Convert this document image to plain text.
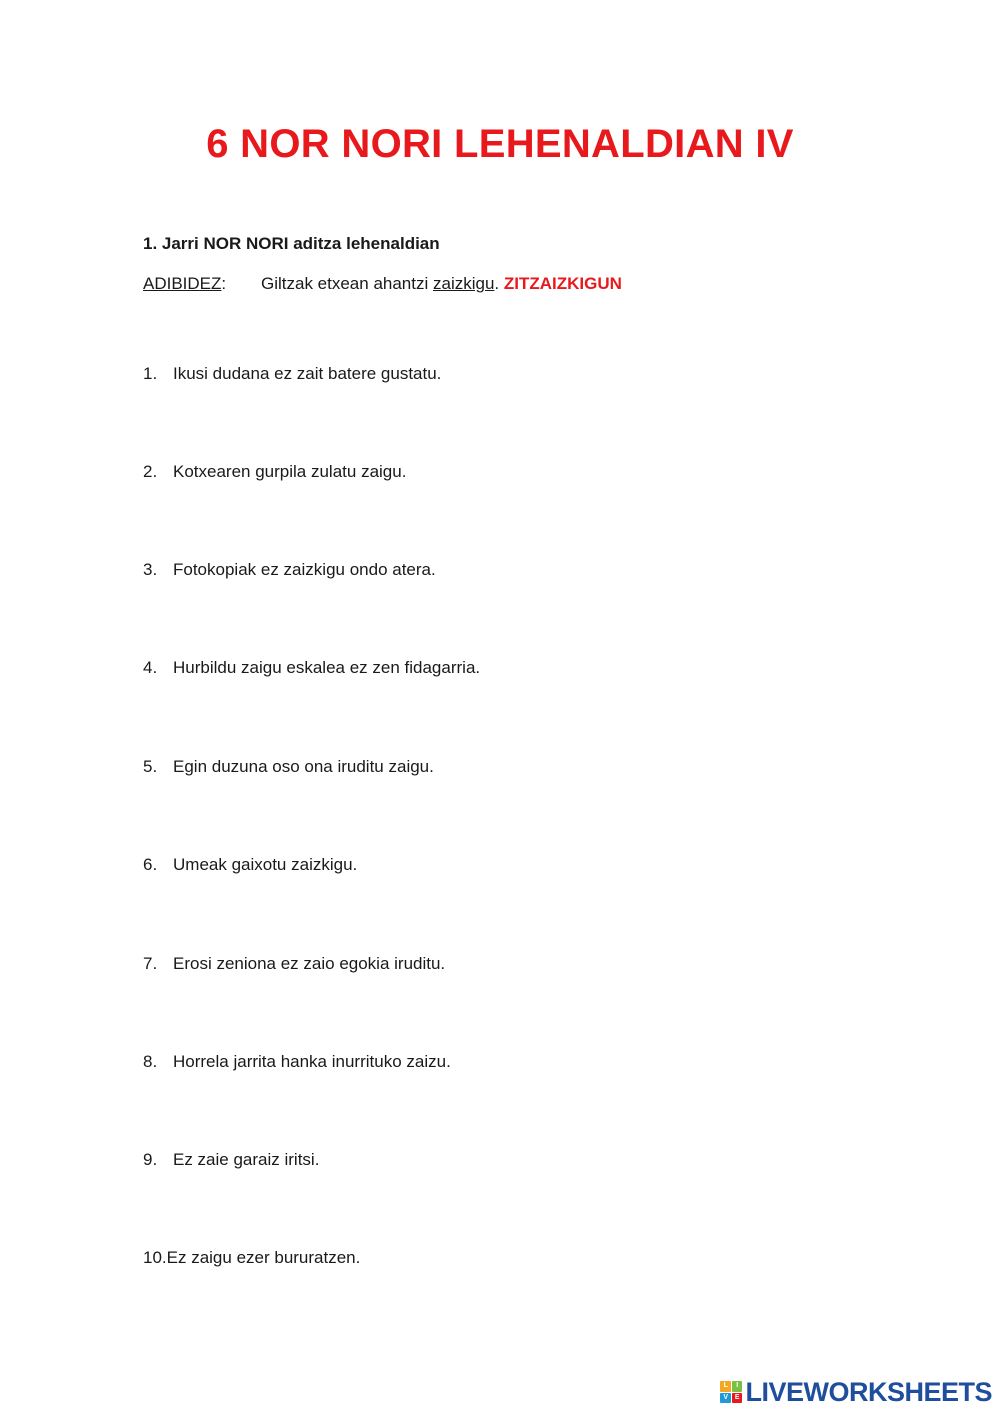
6 NOR NORI LEHENALDIAN IV
1. Jarri NOR NORI aditza lehenaldian
ADIBIDEZ: Giltzak etxean ahantzi zaizkigu. ZITZAIZKIGUN
1. Ikusi dudana ez zait batere gustatu.
2. Kotxearen gurpila zulatu zaigu.
3. Fotokopiak ez zaizkigu ondo atera.
4. Hurbildu zaigu eskalea ez zen fidagarria.
5. Egin duzuna oso ona iruditu zaigu.
6. Umeak gaixotu zaizkigu.
7. Erosi zeniona ez zaio egokia iruditu.
8. Horrela jarrita hanka inurrituko zaizu.
9. Ez zaie garaiz iritsi.
10.Ez zaigu ezer bururatzen.
L	I
V E LIVEWORKSHEETS
